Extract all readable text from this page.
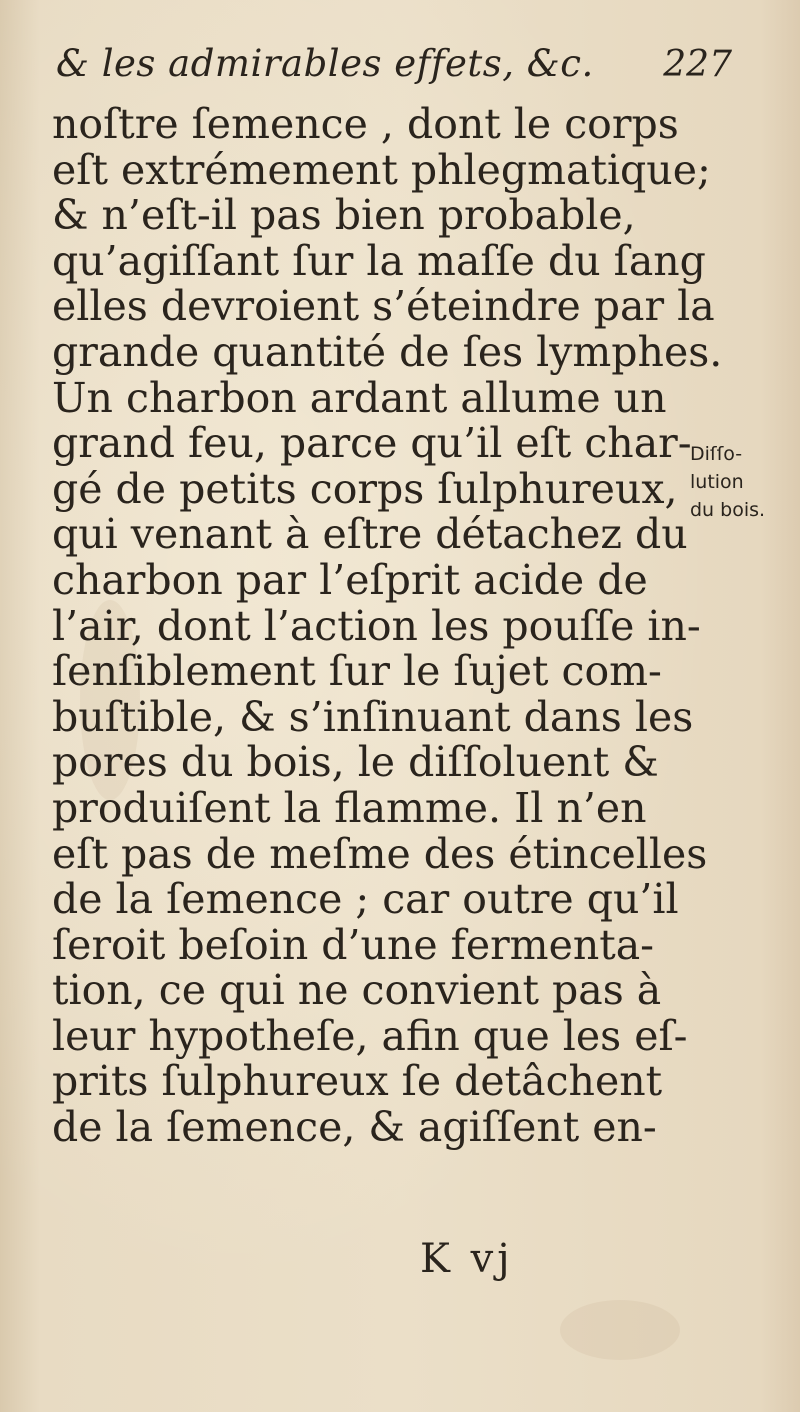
& les admirables effets, &c. 227
noſtre ſemence , dont le corps
eſt extrémement phlegmatique;
& n’eſt-il pas bien probable,
qu’agiſſant ſur la maſſe du ſang
elles devroient s’éteindre par la
grande quantité de ſes lymphes.
Un charbon ardant allume un
grand feu, parce qu’il eſt char-
gé de petits corps ſulphureux,
qui venant à eſtre détachez du
charbon par l’eſprit acide de
l’air, dont l’action les pouſſe in-
ſenſiblement ſur le ſujet com-
buſtible, & s’inſinuant dans les
pores du bois, le diſſoluent &
produiſent la flamme. Il n’en
eſt pas de meſme des étincelles
de la ſemence ; car outre qu’il
ſeroit beſoin d’une fermenta-
tion, ce qui ne convient pas à
leur hypotheſe, afin que les eſ-
prits ſulphureux ſe detâchent
de la ſemence, & agiſſent en-
Diſſo-
lution
du bois.
K vj
